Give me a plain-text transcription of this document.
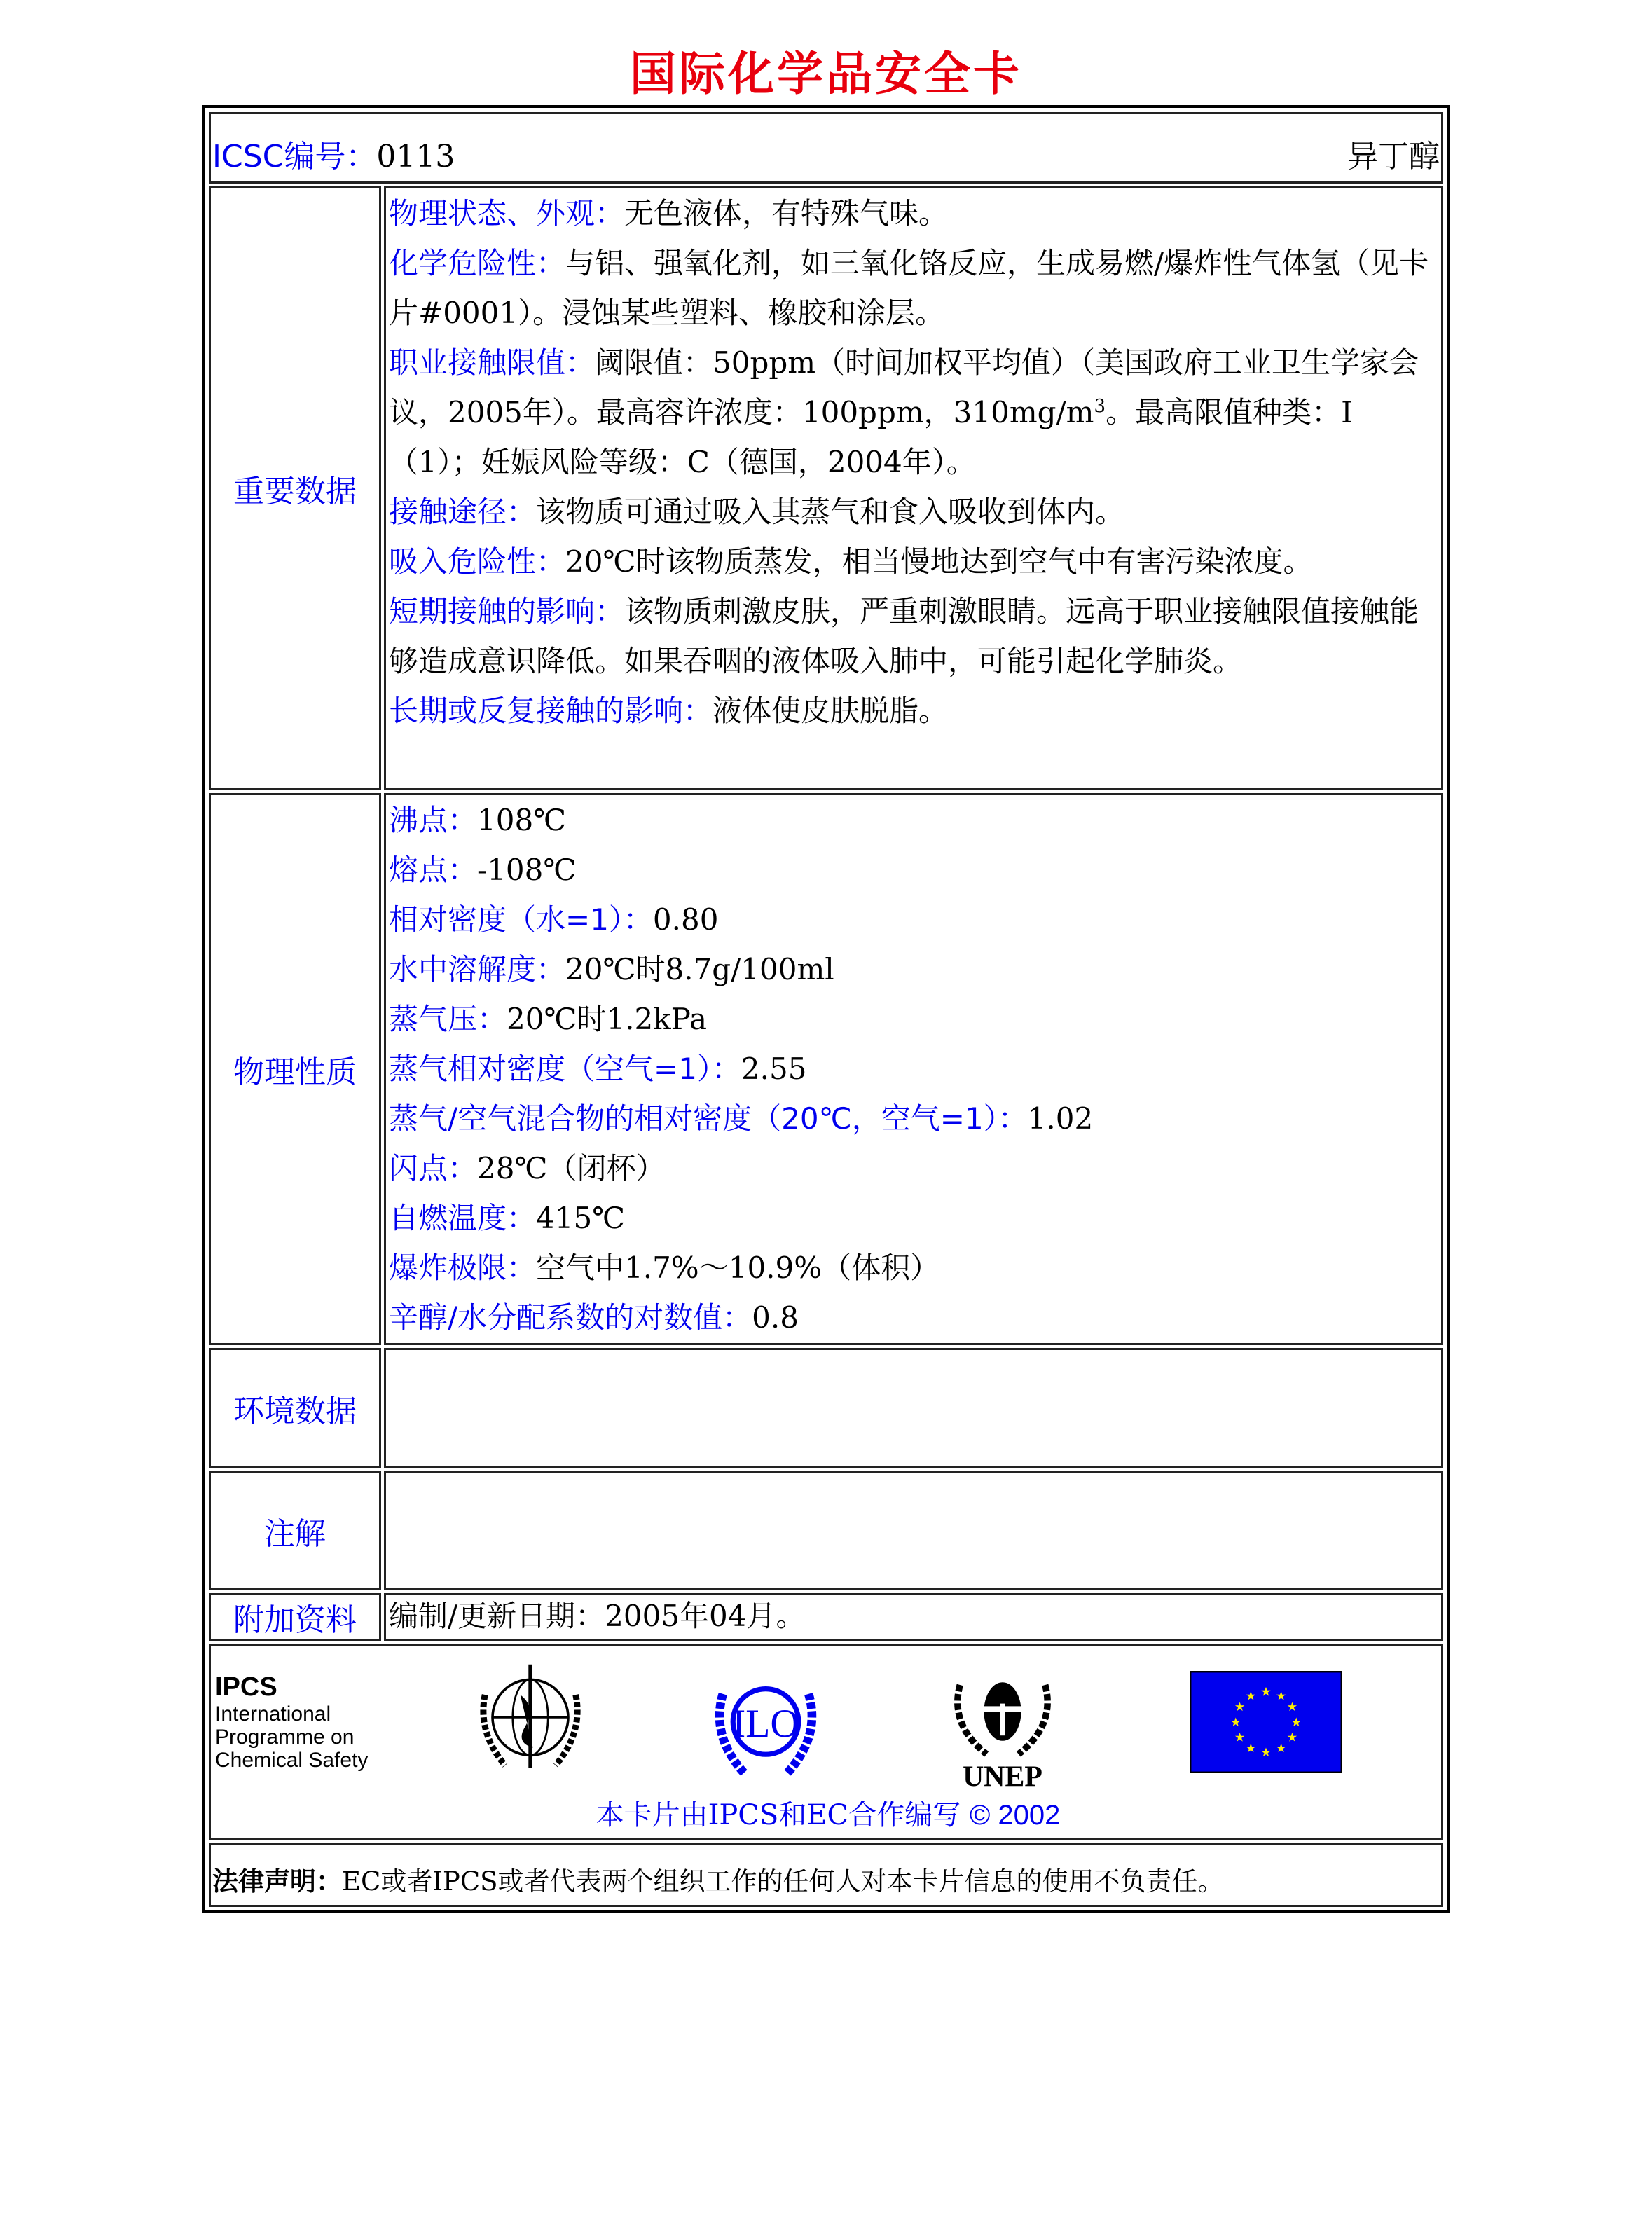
国际化学品安全卡
ICSC编号：0113	异丁醇
重要数据

物理状态、外观：无色液体，有特殊气味。

化学危险性：与铝、强氧化剂，如三氧化铬反应，生成易燃/爆炸性气体氢（见卡片#0001）。浸蚀某些塑料、橡胶和涂层。

职业接触限值：阈限值：50ppm（时间加权平均值）（美国政府工业卫生学家会议，2005年）。最高容许浓度：100ppm，$310mg/m^3$。最高限值种类：I（1）；妊娠风险等级：C（德国，2004年）。

接触途径：该物质可通过吸入其蒸气和食入吸收到体内。

吸入危险性：20℃时该物质蒸发，相当慢地达到空气中有害污染浓度。

短期接触的影响：该物质刺激皮肤，严重刺激眼睛。远高于职业接触限值接触能够造成意识降低。如果吞咽的液体吸入肺中，可能引起化学肺炎。

长期或反复接触的影响：液体使皮肤脱脂。

物理性质

沸点：108℃

熔点：-108℃

相对密度（水=1）：0.80

水中溶解度：20℃时8.7g/100ml

蒸气压：20℃时1.2kPa

蒸气相对密度（空气=1）：2.55

蒸气/空气混合物的相对密度（20℃，空气=1）：1.02

闪点：28℃（闭杯）

自燃温度：415℃

爆炸极限：空气中1.7%～10.9%（体积）

辛醇/水分配系数的对数值：0.8

环境数据
注解
附加资料 编制/更新日期：2005年04月。
IPCS
International
Programme on
Chemical Safety
ILO
UNEP
★ ★
★
★
★
★
★
★
★
★
★
★
本卡片由IPCS和EC合作编写 © 2002
法律声明：EC或者IPCS或者代表两个组织工作的任何人对本卡片信息的使用不负责任。
